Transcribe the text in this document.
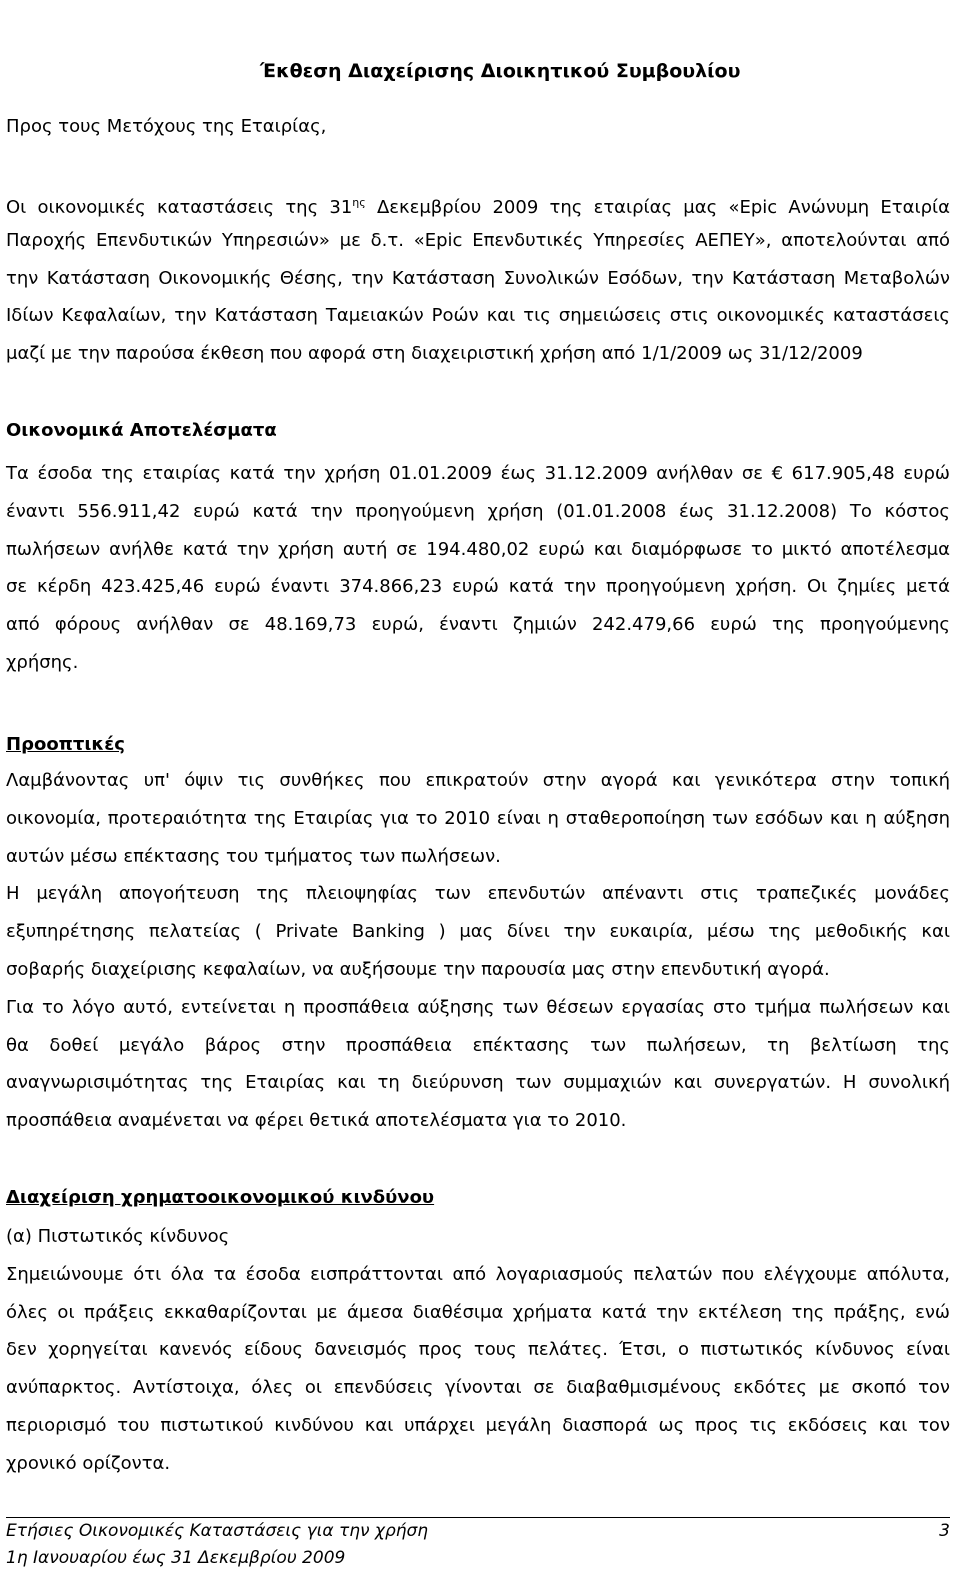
Έκθεση Διαχείρισης Διοικητικού Συμβουλίου
Προς τους Μετόχους της Εταιρίας,
Οι οικονομικές καταστάσεις της $31^{\eta\varsigma}$ Δεκεμβρίου 2009 της εταιρίας μας «Epic Ανώνυμη Εταιρία
Παροχής Επενδυτικών Υπηρεσιών» με δ.τ. «Epic Επενδυτικές Υπηρεσίες ΑΕΠΕΥ», αποτελούνται από
την Κατάσταση Οικονομικής Θέσης, την Κατάσταση Συνολικών Εσόδων, την Κατάσταση Μεταβολών
Ιδίων Κεφαλαίων, την Κατάσταση Ταμειακών Ροών και τις σημειώσεις στις οικονομικές καταστάσεις
μαζί με την παρούσα έκθεση που αφορά στη διαχειριστική χρήση από 1/1/2009 ως 31/12/2009
Οικονομικά Αποτελέσματα
Τα έσοδα της εταιρίας κατά την χρήση 01.01.2009 έως 31.12.2009 ανήλθαν σε € 617.905,48 ευρώ
έναντι 556.911,42 ευρώ κατά την προηγούμενη χρήση (01.01.2008 έως 31.12.2008) Το κόστος
πωλήσεων ανήλθε κατά την χρήση αυτή σε 194.480,02 ευρώ και διαμόρφωσε το μικτό αποτέλεσμα
σε κέρδη 423.425,46 ευρώ έναντι 374.866,23 ευρώ κατά την προηγούμενη χρήση. Οι ζημίες μετά
από φόρους ανήλθαν σε 48.169,73 ευρώ, έναντι ζημιών 242.479,66 ευρώ της προηγούμενης
χρήσης.
Προοπτικές
Λαμβάνοντας υπ' όψιν τις συνθήκες που επικρατούν στην αγορά και γενικότερα στην τοπική
οικονομία, προτεραιότητα της Εταιρίας για το 2010 είναι η σταθεροποίηση των εσόδων και η αύξηση
αυτών μέσω επέκτασης του τμήματος των πωλήσεων.
Η μεγάλη απογοήτευση της πλειοψηφίας των επενδυτών απέναντι στις τραπεζικές μονάδες
εξυπηρέτησης πελατείας ( Private Banking ) μας δίνει την ευκαιρία, μέσω της μεθοδικής και
σοβαρής διαχείρισης κεφαλαίων, να αυξήσουμε την παρουσία μας στην επενδυτική αγορά.
Για το λόγο αυτό, εντείνεται η προσπάθεια αύξησης των θέσεων εργασίας στο τμήμα πωλήσεων και
θα δοθεί μεγάλο βάρος στην προσπάθεια επέκτασης των πωλήσεων, τη βελτίωση της
αναγνωρισιμότητας της Εταιρίας και τη διεύρυνση των συμμαχιών και συνεργατών. Η συνολική
προσπάθεια αναμένεται να φέρει θετικά αποτελέσματα για το 2010.
Διαχείριση χρηματοοικονομικού κινδύνου
(α) Πιστωτικός κίνδυνος
Σημειώνουμε ότι όλα τα έσοδα εισπράττονται από λογαριασμούς πελατών που ελέγχουμε απόλυτα,
όλες οι πράξεις εκκαθαρίζονται με άμεσα διαθέσιμα χρήματα κατά την εκτέλεση της πράξης, ενώ
δεν χορηγείται κανενός είδους δανεισμός προς τους πελάτες. Έτσι, ο πιστωτικός κίνδυνος είναι
ανύπαρκτος. Αντίστοιχα, όλες οι επενδύσεις γίνονται σε διαβαθμισμένους εκδότες με σκοπό τον
περιορισμό του πιστωτικού κινδύνου και υπάρχει μεγάλη διασπορά ως προς τις εκδόσεις και τον
χρονικό ορίζοντα.
Ετήσιες Οικονομικές Καταστάσεις για την χρήση
1η Ιανουαρίου έως 31 Δεκεμβρίου 2009
3
